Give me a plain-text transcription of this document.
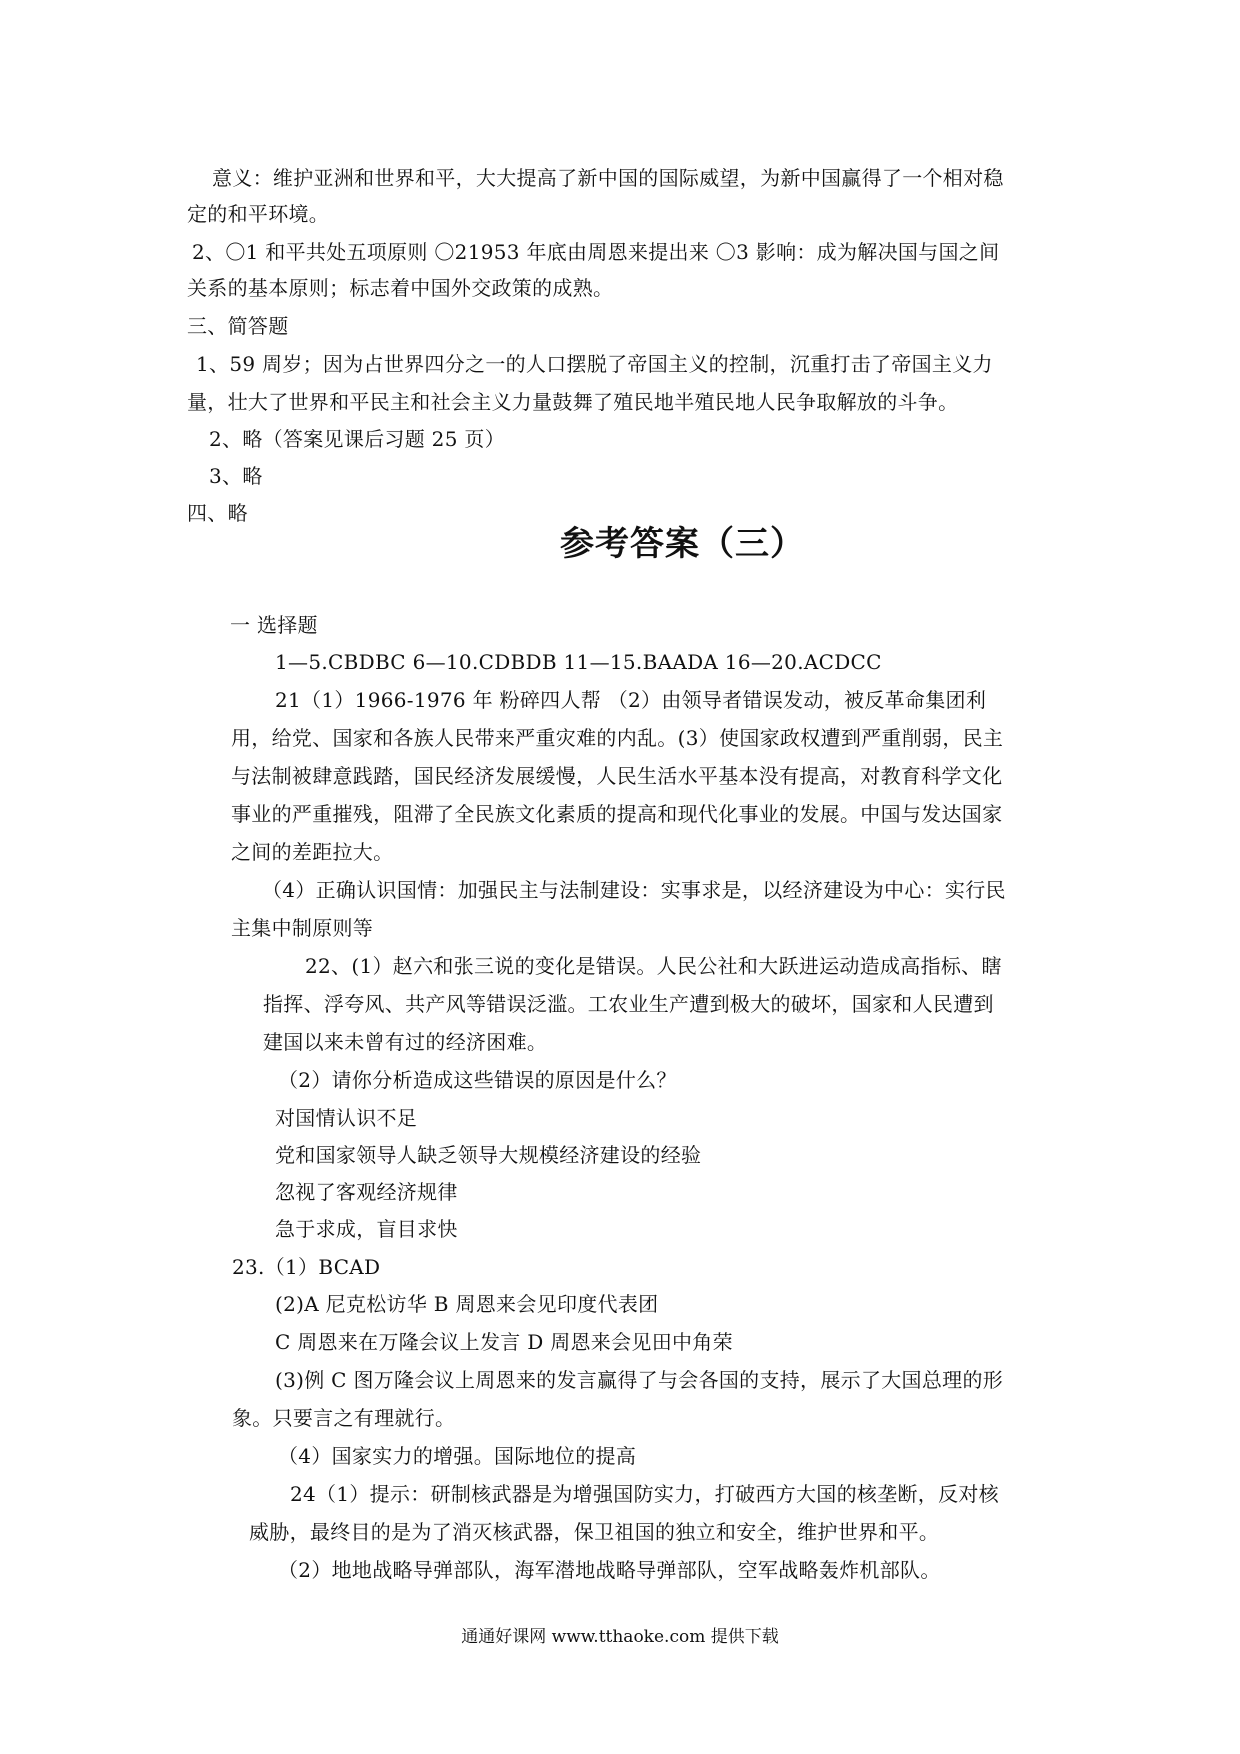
意义：维护亚洲和世界和平，大大提高了新中国的国际威望，为新中国赢得了一个相对稳
定的和平环境。
2、〇1 和平共处五项原则 〇21953 年底由周恩来提出来 〇3 影响：成为解决国与国之间
关系的基本原则；标志着中国外交政策的成熟。
三、简答题
1、59 周岁；因为占世界四分之一的人口摆脱了帝国主义的控制，沉重打击了帝国主义力
量，壮大了世界和平民主和社会主义力量鼓舞了殖民地半殖民地人民争取解放的斗争。
2、略（答案见课后习题 25 页）
3、略
四、略
参考答案（三）
一 选择题
1—5.CBDBC 6—10.CDBDB 11—15.BAADA 16—20.ACDCC
21（1）1966-1976 年 粉碎四人帮 （2）由领导者错误发动，被反革命集团利
用，给党、国家和各族人民带来严重灾难的内乱。(3）使国家政权遭到严重削弱，民主
与法制被肆意践踏，国民经济发展缓慢，人民生活水平基本没有提高，对教育科学文化
事业的严重摧残，阻滞了全民族文化素质的提高和现代化事业的发展。中国与发达国家
之间的差距拉大。
（4）正确认识国情：加强民主与法制建设：实事求是，以经济建设为中心：实行民
主集中制原则等
22、(1）赵六和张三说的变化是错误。人民公社和大跃进运动造成高指标、瞎
指挥、浮夸风、共产风等错误泛滥。工农业生产遭到极大的破坏，国家和人民遭到
建国以来未曾有过的经济困难。
（2）请你分析造成这些错误的原因是什么？
对国情认识不足
党和国家领导人缺乏领导大规模经济建设的经验
忽视了客观经济规律
急于求成，盲目求快
23.（1）BCAD
(2)A 尼克松访华 B 周恩来会见印度代表团
C 周恩来在万隆会议上发言 D 周恩来会见田中角荣
(3)例 C 图万隆会议上周恩来的发言赢得了与会各国的支持，展示了大国总理的形
象。只要言之有理就行。
（4）国家实力的增强。国际地位的提高
24（1）提示：研制核武器是为增强国防实力，打破西方大国的核垄断，反对核
威胁，最终目的是为了消灭核武器，保卫祖国的独立和安全，维护世界和平。
（2）地地战略导弹部队，海军潜地战略导弹部队，空军战略轰炸机部队。
通通好课网 www.tthaoke.com 提供下载
